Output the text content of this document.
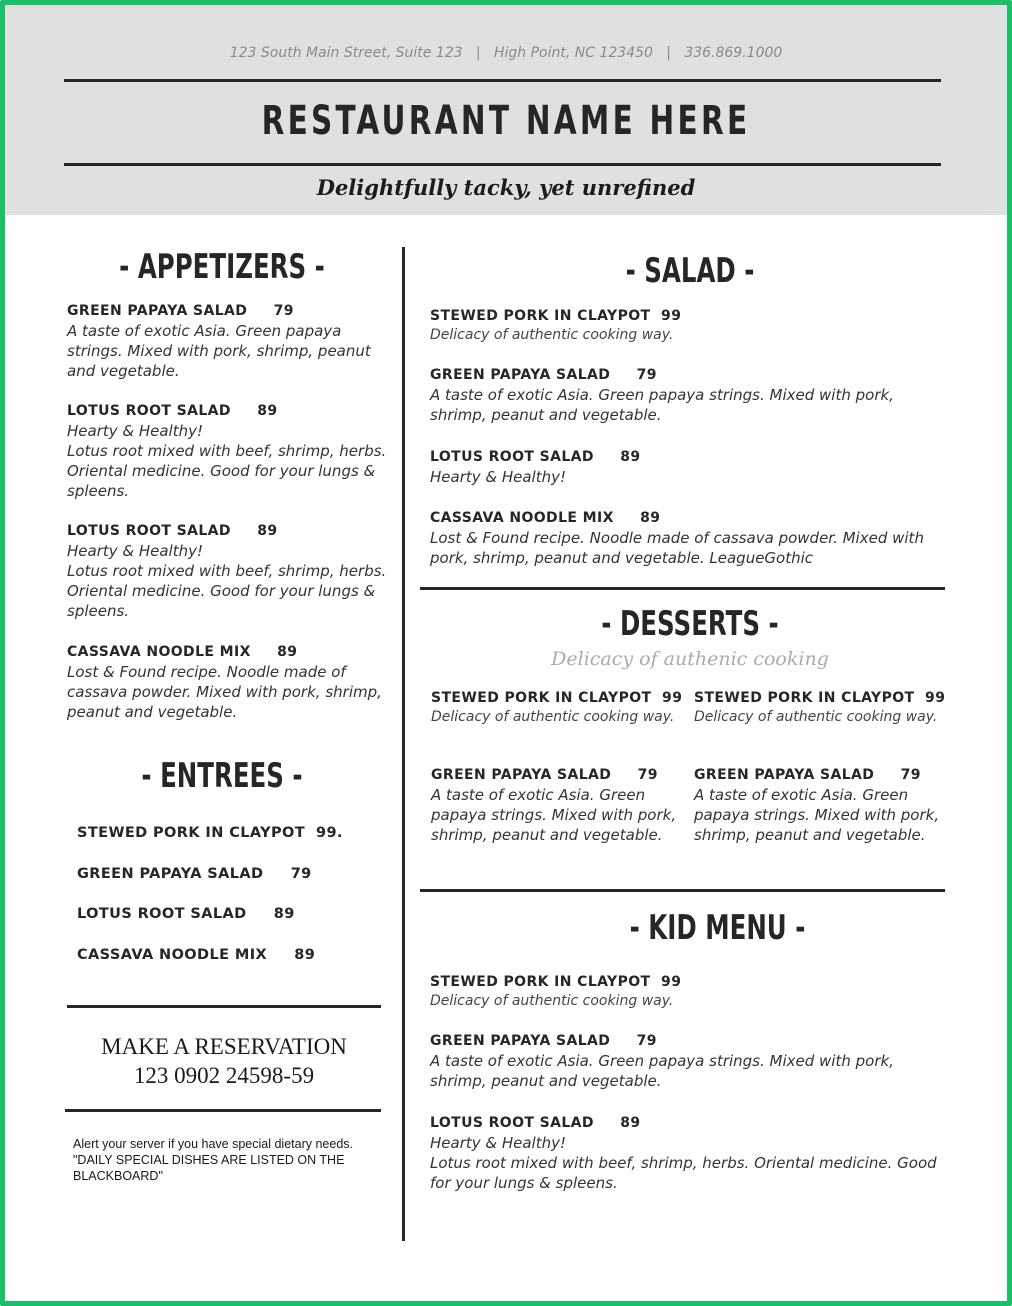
123 South Main Street, Suite 123   |   High Point, NC 123450   |   336.869.1000
RESTAURANT NAME HERE
Delightfully tacky, yet unrefined
- APPETIZERS -
GREEN PAPAYA SALAD     79
A taste of exotic Asia. Green papaya strings. Mixed with pork, shrimp, peanut and vegetable.
LOTUS ROOT SALAD     89
Hearty & Healthy!
Lotus root mixed with beef, shrimp, herbs. Oriental medicine. Good for your lungs & spleens.
LOTUS ROOT SALAD     89
Hearty & Healthy!
Lotus root mixed with beef, shrimp, herbs. Oriental medicine. Good for your lungs & spleens.
CASSAVA NOODLE MIX     89
Lost & Found recipe. Noodle made of cassava powder. Mixed with pork, shrimp, peanut and vegetable.
- ENTREES -
STEWED PORK IN CLAYPOT  99.
GREEN PAPAYA SALAD     79
LOTUS ROOT SALAD     89
CASSAVA NOODLE MIX     89
MAKE A RESERVATION
123 0902 24598-59

Alert your server if you have special dietary needs.

"DAILY SPECIAL DISHES ARE LISTED ON THE BLACKBOARD"

- SALAD -
STEWED PORK IN CLAYPOT  99
Delicacy of authentic cooking way.
GREEN PAPAYA SALAD     79
A taste of exotic Asia. Green papaya strings. Mixed with pork, shrimp, peanut and vegetable.
LOTUS ROOT SALAD     89
Hearty & Healthy!
CASSAVA NOODLE MIX     89
Lost & Found recipe. Noodle made of cassava powder. Mixed with pork, shrimp, peanut and vegetable. LeagueGothic
- DESSERTS -
Delicacy of authenic cooking
STEWED PORK IN CLAYPOT  99
Delicacy of authentic cooking way.
GREEN PAPAYA SALAD     79
A taste of exotic Asia. Green papaya strings. Mixed with pork, shrimp, peanut and vegetable.
STEWED PORK IN CLAYPOT  99
Delicacy of authentic cooking way.
GREEN PAPAYA SALAD     79
A taste of exotic Asia. Green papaya strings. Mixed with pork, shrimp, peanut and vegetable.
- KID MENU -
STEWED PORK IN CLAYPOT  99
Delicacy of authentic cooking way.
GREEN PAPAYA SALAD     79
A taste of exotic Asia. Green papaya strings. Mixed with pork, shrimp, peanut and vegetable.
LOTUS ROOT SALAD     89
Hearty & Healthy!
Lotus root mixed with beef, shrimp, herbs. Oriental medicine. Good for your lungs & spleens.
